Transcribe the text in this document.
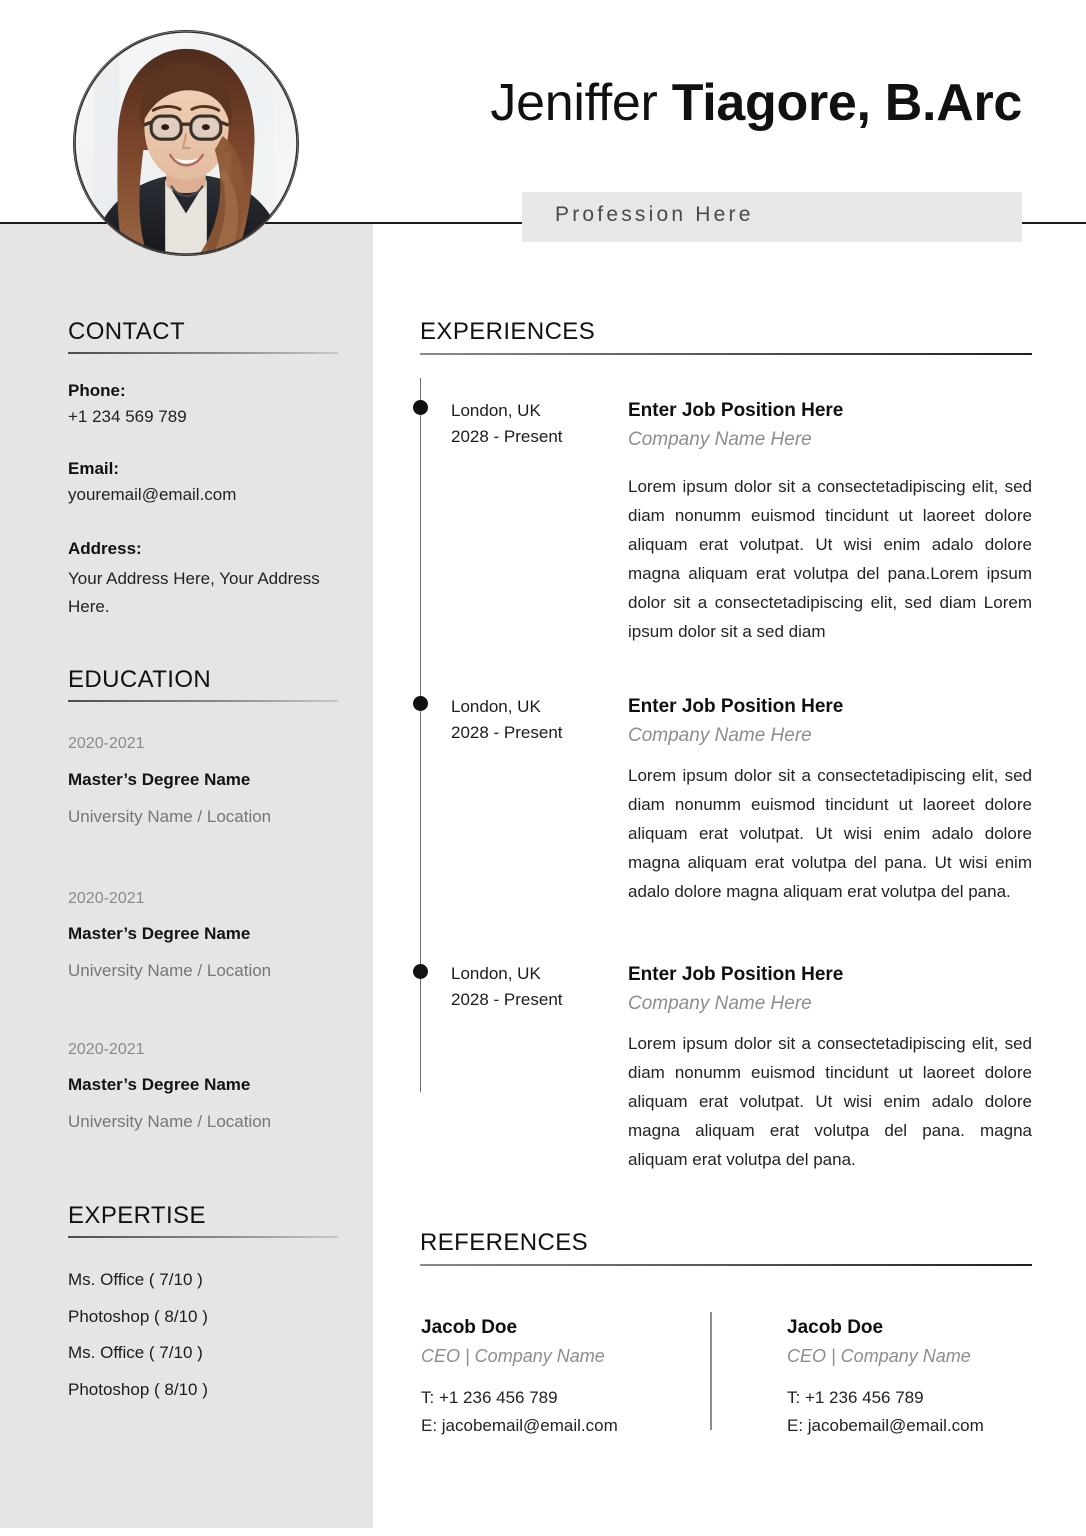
Jeniffer Tiagore, B.Arc
Profession Here
CONTACT
Phone:
+1 234 569 789
Email:
youremail@email.com
Address:
Your Address Here, Your Address Here.
EDUCATION
2020-2021
Master’s Degree Name
University Name / Location
2020-2021
Master’s Degree Name
University Name / Location
2020-2021
Master’s Degree Name
University Name / Location
EXPERTISE
Ms. Office ( 7/10 )
Photoshop ( 8/10 )
Ms. Office ( 7/10 )
Photoshop ( 8/10 )
EXPERIENCES
London, UK
2028 - Present
Enter Job Position Here
Company Name Here
Lorem ipsum dolor sit a consectetadipiscing elit, sed diam nonumm euismod tincidunt ut laoreet dolore aliquam erat volutpat. Ut wisi enim adalo dolore magna aliquam erat volutpa del pana.Lorem ipsum dolor sit a consectetadipiscing elit, sed diam Lorem ipsum dolor sit a sed diam
London, UK
2028 - Present
Enter Job Position Here
Company Name Here
Lorem ipsum dolor sit a consectetadipiscing elit, sed diam nonumm euismod tincidunt ut laoreet dolore aliquam erat volutpat. Ut wisi enim adalo dolore magna aliquam erat volutpa del pana. Ut wisi enim adalo dolore magna aliquam erat volutpa del pana.
London, UK
2028 - Present
Enter Job Position Here
Company Name Here
Lorem ipsum dolor sit a consectetadipiscing elit, sed diam nonumm euismod tincidunt ut laoreet dolore aliquam erat volutpat. Ut wisi enim adalo dolore magna aliquam erat volutpa del pana. magna aliquam erat volutpa del pana.
REFERENCES
Jacob Doe
CEO | Company Name
T: +1 236 456 789
E: jacobemail@email.com
Jacob Doe
CEO | Company Name
T: +1 236 456 789
E: jacobemail@email.com
